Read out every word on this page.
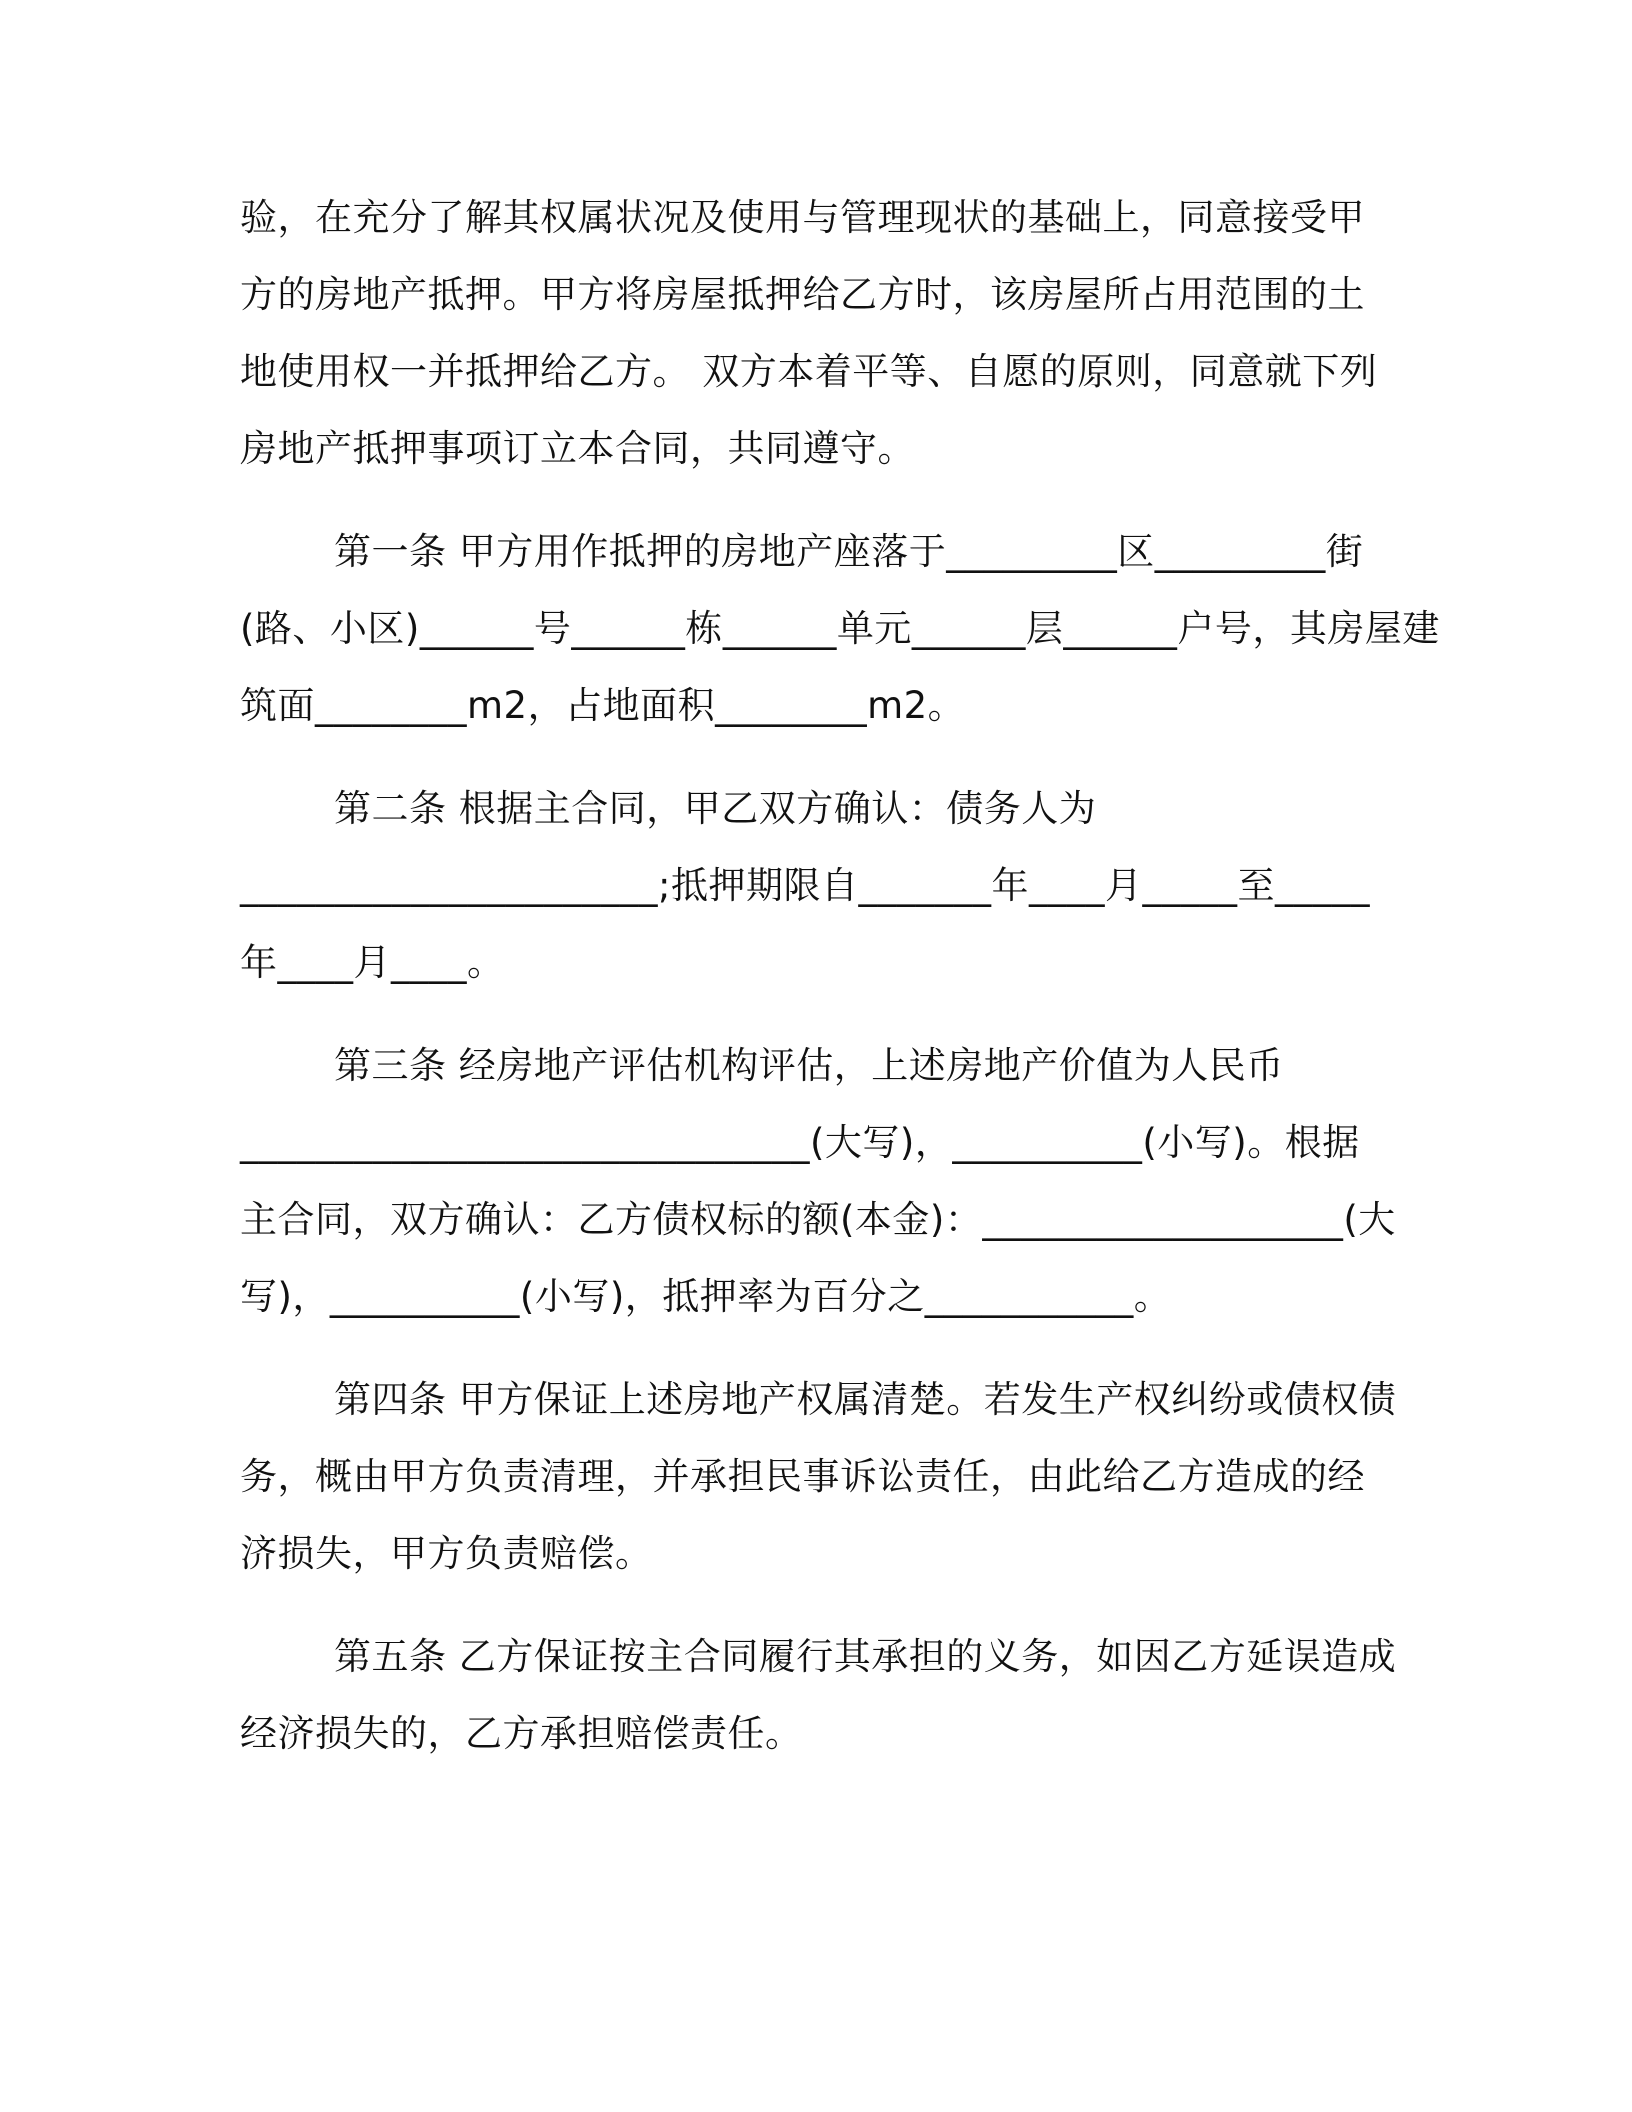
验，在充分了解其权属状况及使用与管理现状的基础上，同意接受甲
方的房地产抵押。甲方将房屋抵押给乙方时，该房屋所占用范围的土
地使用权一并抵押给乙方。 双方本着平等、自愿的原则，同意就下列
房地产抵押事项订立本合同，共同遵守。
第一条 甲方用作抵押的房地产座落于_________区_________街
(路、小区)______号______栋______单元______层______户号，其房屋建
筑面________m2，占地面积________m2。
第二条 根据主合同，甲乙双方确认：债务人为
______________________;抵押期限自_______年____月_____至_____
年____月____。
第三条 经房地产评估机构评估，上述房地产价值为人民币
______________________________(大写)，__________(小写)。根据
主合同，双方确认：乙方债权标的额(本金)：___________________(大
写)，__________(小写)，抵押率为百分之___________。
第四条 甲方保证上述房地产权属清楚。若发生产权纠纷或债权债
务，概由甲方负责清理，并承担民事诉讼责任，由此给乙方造成的经
济损失，甲方负责赔偿。
第五条 乙方保证按主合同履行其承担的义务，如因乙方延误造成
经济损失的，乙方承担赔偿责任。
